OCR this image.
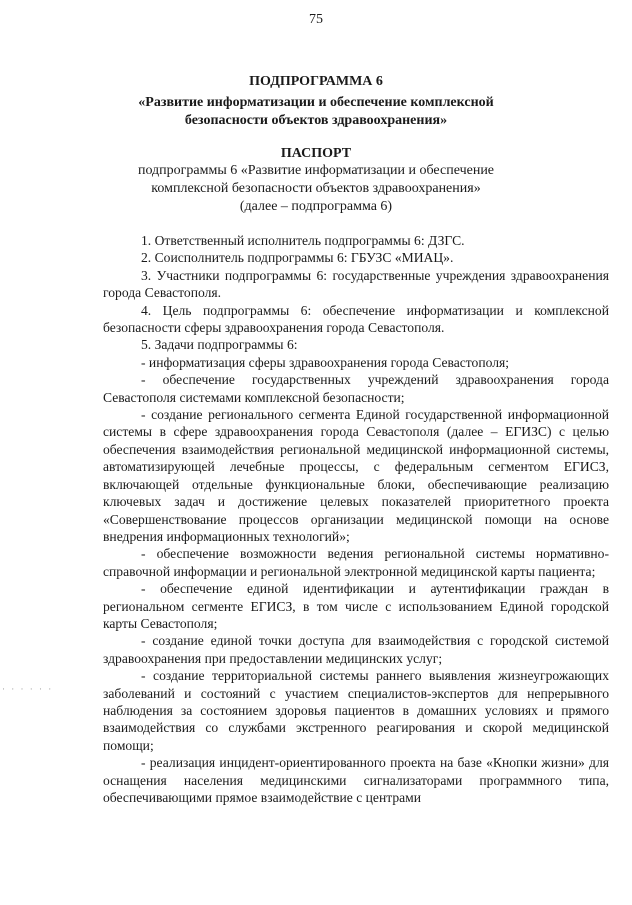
75
ПОДПРОГРАММА 6
«Развитие информатизации и обеспечение комплексной
безопасности объектов здравоохранения»
ПАСПОРТ
подпрограммы 6 «Развитие информатизации и обеспечение
комплексной безопасности объектов здравоохранения»
(далее – подпрограмма 6)

1. Ответственный исполнитель подпрограммы 6: ДЗГС.

2. Соисполнитель подпрограммы 6: ГБУЗС «МИАЦ».

3. Участники подпрограммы 6: государственные учреждения здравоохранения города Севастополя.

4. Цель подпрограммы 6: обеспечение информатизации и комплексной безопасности сферы здравоохранения города Севастополя.

5. Задачи подпрограммы 6:

- информатизация сферы здравоохранения города Севастополя;

- обеспечение государственных учреждений здравоохранения города Севастополя системами комплексной безопасности;

- создание регионального сегмента Единой государственной информационной системы в сфере здравоохранения города Севастополя (далее – ЕГИЗС) с целью обеспечения взаимодействия региональной медицинской информационной системы, автоматизирующей лечебные процессы, с федеральным сегментом ЕГИСЗ, включающей отдельные функциональные блоки, обеспечивающие реализацию ключевых задач и достижение целевых показателей приоритетного проекта «Совершенствование процессов организации медицинской помощи на основе внедрения информационных технологий»;

- обеспечение возможности ведения региональной системы нормативно-справочной информации и региональной электронной медицинской карты пациента;

- обеспечение единой идентификации и аутентификации граждан в региональном сегменте ЕГИСЗ, в том числе с использованием Единой городской карты Севастополя;

- создание единой точки доступа для взаимодействия с городской системой здравоохранения при предоставлении медицинских услуг;

- создание территориальной системы раннего выявления жизнеугрожающих заболеваний и состояний с участием специалистов-экспертов для непрерывного наблюдения за состоянием здоровья пациентов в домашних условиях и прямого взаимодействия со службами экстренного реагирования и скорой медицинской помощи;

- реализация инцидент-ориентированного проекта на базе «Кнопки жизни» для оснащения населения медицинскими сигнализаторами программного типа, обеспечивающими прямое взаимодействие с центрами

· · · · · ·
